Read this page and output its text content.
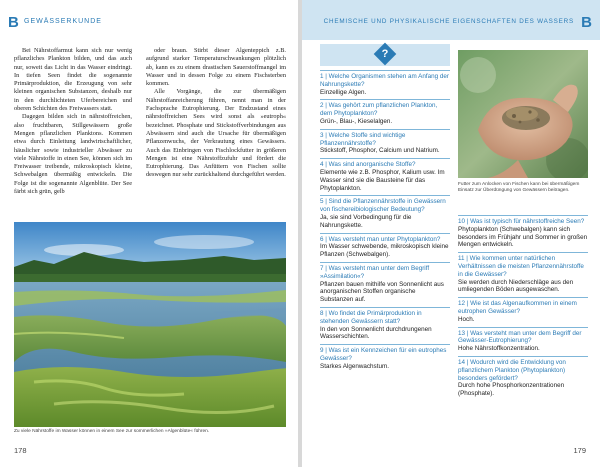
B GEWÄSSERKUNDE

Bei Nährstoffarmut kann sich nur wenig pflanzliches Plankton bilden, und das auch nur, soweit das Licht in das Wasser eindringt. In tiefen Seen findet die sogenannte Primärproduktion, die Erzeugung von sehr kleinen organischen Substanzen, deshalb nur in den durchlichteten Uferbereichen und oberen Schichten des Freiwassers statt.

Dagegen bilden sich in nährstoffreichen, also fruchtbaren, Stillgewässern große Mengen pflanzlichen Planktons. Kommen etwa durch Einleitung landwirtschaftlicher, häuslicher sowie industrieller Abwässer zu viele Nährstoffe in einen See, können sich im Freiwasser treibende, mikroskopisch kleine, Schwebalgen übermäßig entwickeln. Die Folge ist die sogenannte Algenblüte. Der See färbt sich grün, gelb

oder braun. Stirbt dieser Algenteppich z.B. aufgrund starker Temperaturschwankungen plötzlich ab, kann es zu einem drastischen Sauerstoffmangel im Wasser und in dessen Folge zu einem Fischsterben kommen.

Alle Vorgänge, die zur übermäßigen Nährstoffanreicherung führen, nennt man in der Fachsprache Eutrophierung. Der Endzustand eines nährstoffreichen Sees wird sonst als »eutroph« bezeichnet. Phosphate und Stickstoffverbindungen aus Abwässern sind auch die Ursache für übermäßigen Pflanzenwuchs, der Verkrautung eines Gewässers. Auch das Einbringen von Fischlockfutter in größeren Mengen ist eine Nährstoffzufuhr und fördert die Eutrophierung. Das Anfüttern von Fischen sollte deswegen nur sehr zurückhaltend durchgeführt werden.

Zu viele Nährstoffe im Wasser können in einem See zur sommerlichen »Algenblüte« führen.
178
CHEMISCHE UND PHYSIKALISCHE EIGENSCHAFTEN DES WASSERS B
?
1 | Welche Organismen stehen am Anfang der Nahrungskette?
Einzellige Algen.
2 | Was gehört zum pflanzlichen Plankton, dem Phytoplankton?
Grün-, Blau-, Kieselalgen.
3 | Welche Stoffe sind wichtige Pflanzennährstoffe?
Stickstoff, Phosphor, Calcium und Natrium.
4 | Was sind anorganische Stoffe?
Elemente wie z.B. Phosphor, Kalium usw. Im Wasser sind sie die Bausteine für das Phytoplankton.
5 | Sind die Pflanzennährstoffe in Gewässern von fischereibiologischer Bedeutung?
Ja, sie sind Vorbedingung für die Nahrungskette.
6 | Was versteht man unter Phytoplankton?
Im Wasser schwebende, mikroskopisch kleine Pflanzen (Schwebalgen).
7 | Was versteht man unter dem Begriff »Assimilation«?
Pflanzen bauen mithilfe von Sonnenlicht aus anorganischen Stoffen organische Substanzen auf.
8 | Wo findet die Primärproduktion in stehenden Gewässern statt?
In den von Sonnenlicht durchdrungenen Wasserschichten.
9 | Was ist ein Kennzeichen für ein eutrophes Gewässer?
Starkes Algenwachstum.
Futter zum Anlocken von Fischen kann bei übermäßigem Einsatz zur Überdüngung von Gewässern beitragen.
10 | Was ist typisch für nährstoffreiche Seen?
Phytoplankton (Schwebalgen) kann sich besonders im Frühjahr und Sommer in großen Mengen entwickeln.
11 | Wie kommen unter natürlichen Verhältnissen die meisten Pflanzennährstoffe in die Gewässer?
Sie werden durch Niederschläge aus den umliegenden Böden ausgewaschen.
12 | Wie ist das Algenaufkommen in einem eutrophen Gewässer?
Hoch.
13 | Was versteht man unter dem Begriff der Gewässer-Eutrophierung?
Hohe Nährstoffkonzentration.
14 | Wodurch wird die Entwicklung von pflanzlichem Plankton (Phytoplankton) besonders gefördert?
Durch hohe Phosphorkonzentrationen (Phosphate).
179
